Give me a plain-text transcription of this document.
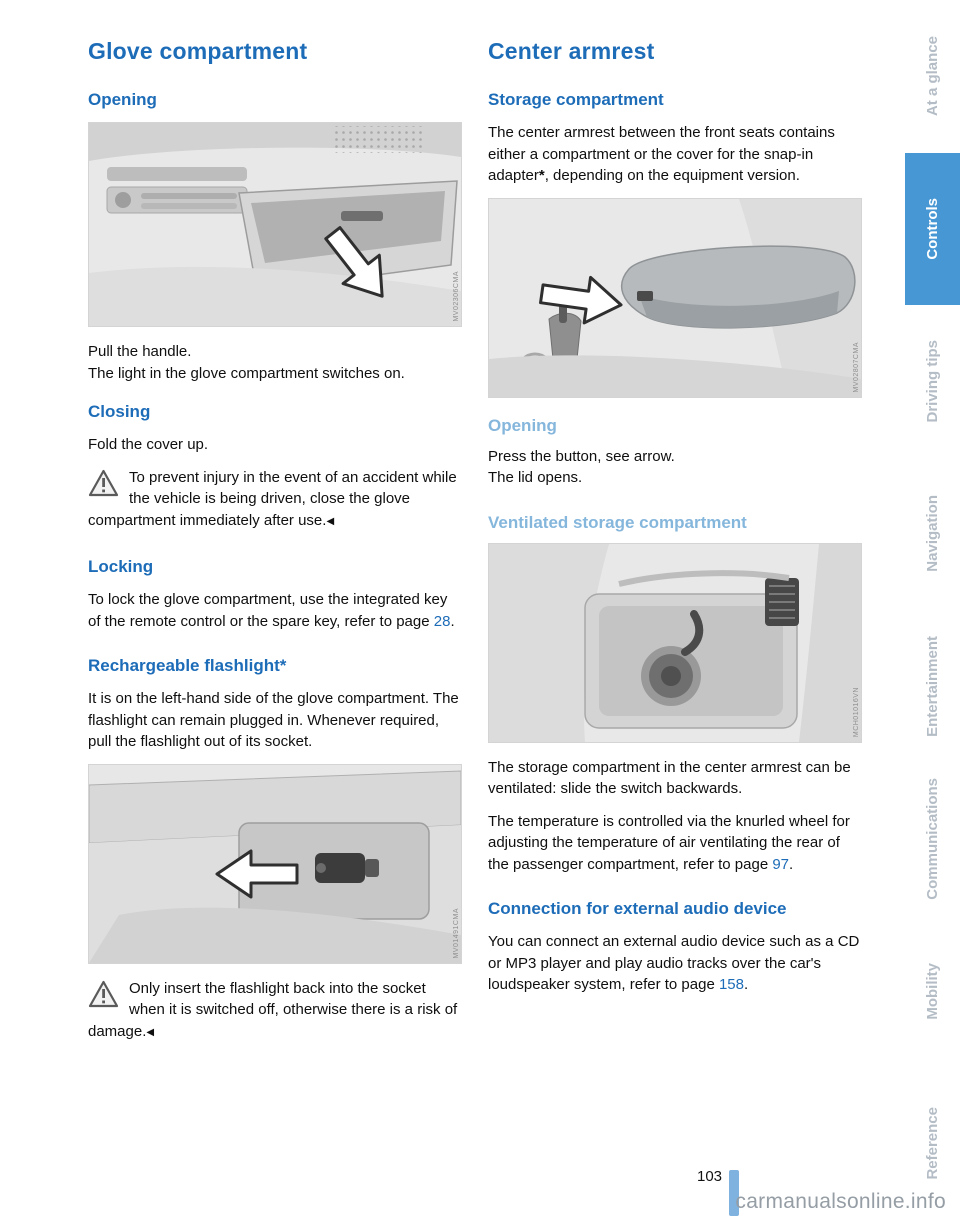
Glove compartment
Opening
MV02306CMA

Pull the handle.

The light in the glove compartment switches on.

Closing

Fold the cover up.

To prevent injury in the event of an accident while the vehicle is being driven, close the glove compartment immediately after use.◀
Locking

To lock the glove compartment, use the integrated key of the remote control or the spare key, refer to page 28.

Rechargeable flashlight*

It is on the left-hand side of the glove compartment. The flashlight can remain plugged in. Whenever required, pull the flashlight out of its socket.

MV01491CMA
Only insert the flashlight back into the socket when it is switched off, otherwise there is a risk of damage.◀
Center armrest
Storage compartment

The center armrest between the front seats contains either a compartment or the cover for the snap-in adapter*, depending on the equipment version.

MV02807CMA
Opening

Press the button, see arrow.

The lid opens.

Ventilated storage compartment
MCH01016VN

The storage compartment in the center armrest can be ventilated: slide the switch backwards.

The temperature is controlled via the knurled wheel for adjusting the temperature of air ventilating the rear of the passenger compartment, refer to page 97.

Connection for external audio device

You can connect an external audio device such as a CD or MP3 player and play audio tracks over the car's loudspeaker system, refer to page 158.

At a glance
Controls
Driving tips
Navigation
Entertainment
Communications
Mobility
Reference
103
carmanualsonline.info
